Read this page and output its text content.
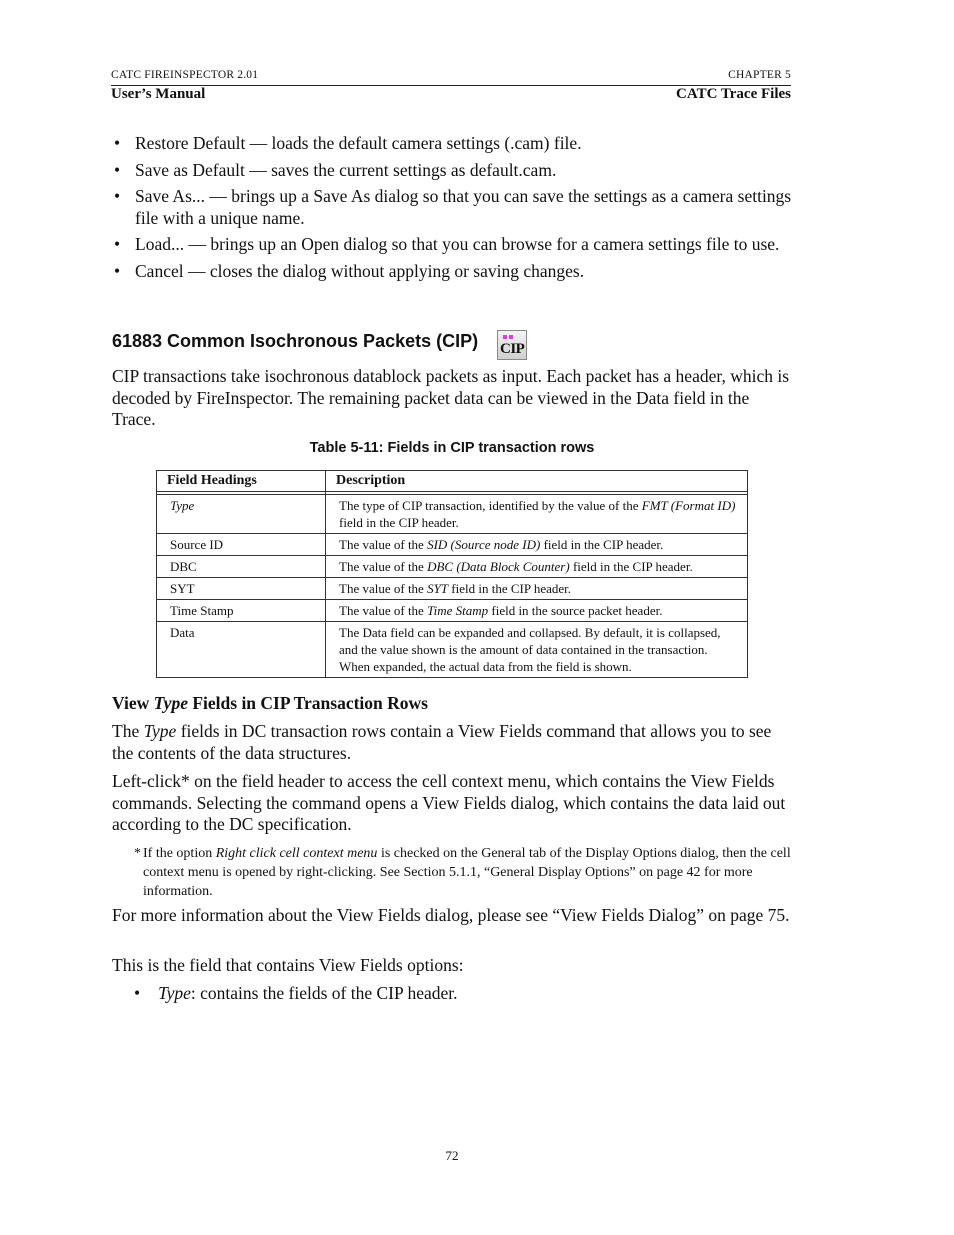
CATC FIREINSPECTOR 2.01	CHAPTER 5
User’s Manual	CATC Trace Files
• Restore Default — loads the default camera settings (.cam) file.
• Save as Default — saves the current settings as default.cam.
• Save As... — brings up a Save As dialog so that you can save the settings as a camera settings file with a unique name.
• Load... — brings up an Open dialog so that you can browse for a camera settings file to use.
• Cancel — closes the dialog without applying or saving changes.
61883 Common Isochronous Packets (CIP) CIP

CIP transactions take isochronous datablock packets as input. Each packet has a header, which is decoded by FireInspector. The remaining packet data can be viewed in the Data field in the Trace.

Table 5-11: Fields in CIP transaction rows
Field Headings	Description

Type	The type of CIP transaction, identified by the value of the FMT (Format ID) field in the CIP header.
Source ID	The value of the SID (Source node ID) field in the CIP header.
DBC	The value of the DBC (Data Block Counter) field in the CIP header.
SYT	The value of the SYT field in the CIP header.
Time Stamp	The value of the Time Stamp field in the source packet header.
Data	The Data field can be expanded and collapsed. By default, it is collapsed, and the value shown is the amount of data contained in the transaction. When expanded, the actual data from the field is shown.
View Type Fields in CIP Transaction Rows

The Type fields in DC transaction rows contain a View Fields command that allows you to see the contents of the data structures.

Left-click* on the field header to access the cell context menu, which contains the View Fields commands. Selecting the command opens a View Fields dialog, which contains the data laid out according to the DC specification.

* If the option Right click cell context menu is checked on the General tab of the Display Options dialog, then the cell context menu is opened by right-clicking. See Section 5.1.1, “General Display Options” on page 42 for more information.

For more information about the View Fields dialog, please see “View Fields Dialog” on page 75.

This is the field that contains View Fields options:

• Type: contains the fields of the CIP header.
72
